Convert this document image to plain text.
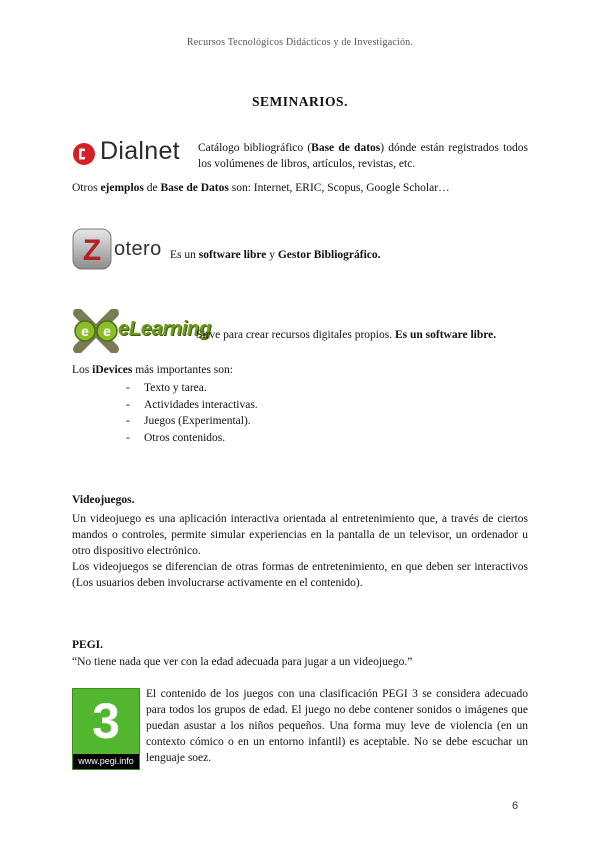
Recursos Tecnológicos Didácticos y de Investigación.
SEMINARIOS.
Dialnet Catálogo bibliográfico (Base de datos) dónde están registrados todos los volúmenes de libros, artículos, revistas, etc.
Otros ejemplos de Base de Datos son: Internet, ERIC, Scopus, Google Scholar…
Z otero Es un software libre y Gestor Bibliográfico.
e e eLearning
Sirve para crear recursos digitales propios. Es un software libre.
Los iDevices más importantes son:
- Texto y tarea.
- Actividades interactivas.
- Juegos (Experimental).
- Otros contenidos.
Videojuegos.
Un videojuego es una aplicación interactiva orientada al entretenimiento que, a través de ciertos mandos o controles, permite simular experiencias en la pantalla de un televisor, un ordenador u otro dispositivo electrónico.
Los videojuegos se diferencian de otras formas de entretenimiento, en que deben ser interactivos (Los usuarios deben involucrarse activamente en el contenido).
PEGI.
“No tiene nada que ver con la edad adecuada para jugar a un videojuego.”
3
www.pegi.info
El contenido de los juegos con una clasificación PEGI 3 se considera adecuado para todos los grupos de edad. El juego no debe contener sonidos o imágenes que puedan asustar a los niños pequeños. Una forma muy leve de violencia (en un contexto cómico o en un entorno infantil) es aceptable. No se debe escuchar un lenguaje soez.
6
